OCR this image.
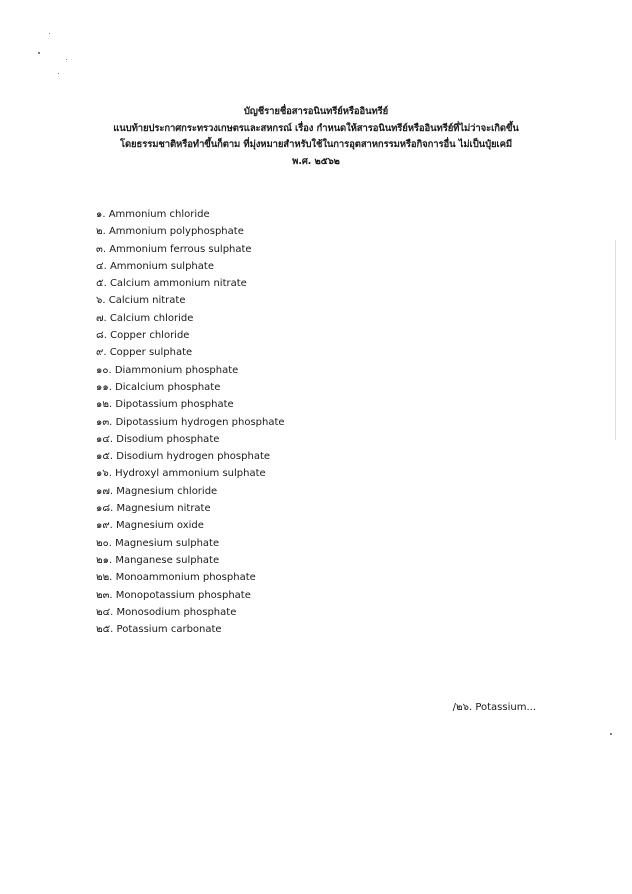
บัญชีรายชื่อสารอนินทรีย์หรืออินทรีย์
แนบท้ายประกาศกระทรวงเกษตรและสหกรณ์ เรื่อง กำหนดให้สารอนินทรีย์หรืออินทรีย์ที่ไม่ว่าจะเกิดขึ้น
โดยธรรมชาติหรือทำขึ้นก็ตาม ที่มุ่งหมายสำหรับใช้ในการอุตสาหกรรมหรือกิจการอื่น ไม่เป็นปุ๋ยเคมี
พ.ศ. ๒๕๖๒
๑. Ammonium chloride
๒. Ammonium polyphosphate
๓. Ammonium ferrous sulphate
๔. Ammonium sulphate
๕. Calcium ammonium nitrate
๖. Calcium nitrate
๗. Calcium chloride
๘. Copper chloride
๙. Copper sulphate
๑๐. Diammonium phosphate
๑๑. Dicalcium phosphate
๑๒. Dipotassium phosphate
๑๓. Dipotassium hydrogen phosphate
๑๔. Disodium phosphate
๑๕. Disodium hydrogen phosphate
๑๖. Hydroxyl ammonium sulphate
๑๗. Magnesium chloride
๑๘. Magnesium nitrate
๑๙. Magnesium oxide
๒๐. Magnesium sulphate
๒๑. Manganese sulphate
๒๒. Monoammonium phosphate
๒๓. Monopotassium phosphate
๒๔. Monosodium phosphate
๒๕. Potassium carbonate
/๒๖. Potassium...
